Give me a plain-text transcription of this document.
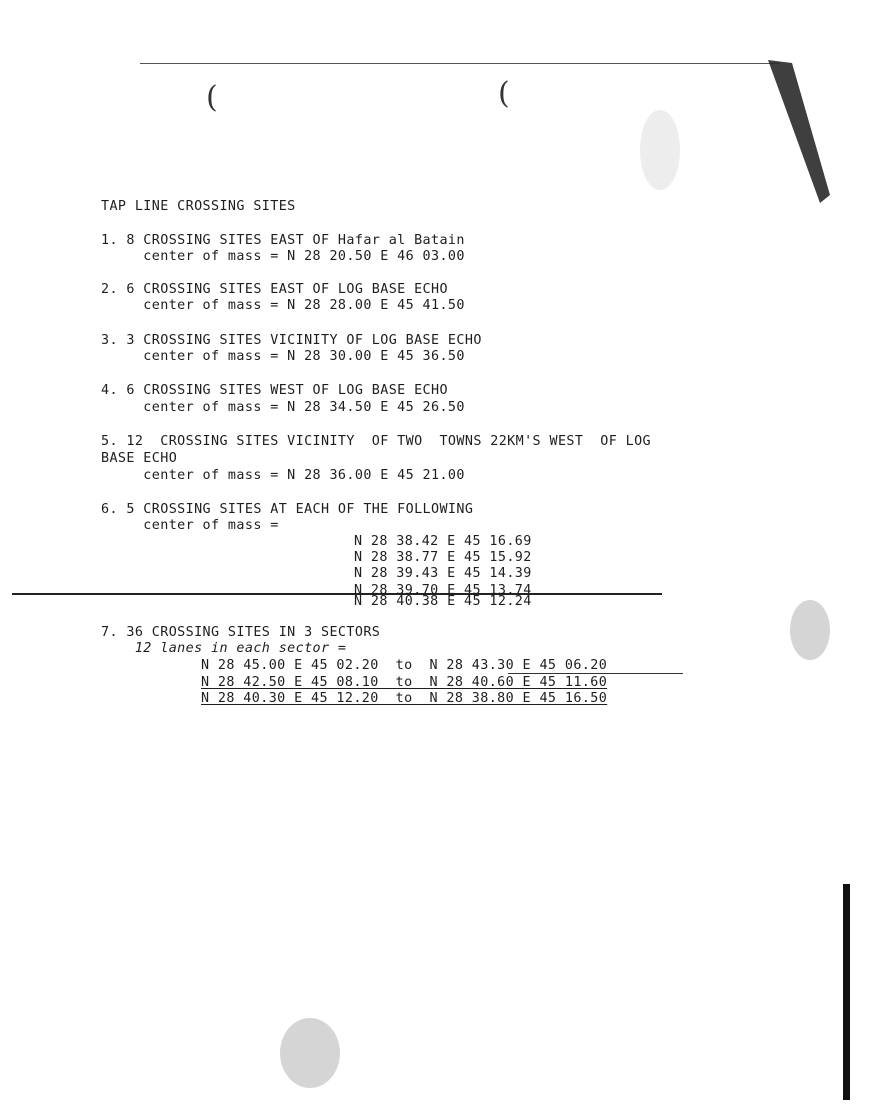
(	(
TAP LINE CROSSING SITES
1. 8 CROSSING SITES EAST OF Hafar al Batain
center of mass = N 28 20.50 E 46 03.00
2. 6 CROSSING SITES EAST OF LOG BASE ECHO
center of mass = N 28 28.00 E 45 41.50
3. 3 CROSSING SITES VICINITY OF LOG BASE ECHO
center of mass = N 28 30.00 E 45 36.50
4. 6 CROSSING SITES WEST OF LOG BASE ECHO
center of mass = N 28 34.50 E 45 26.50
5. 12  CROSSING SITES VICINITY  OF TWO  TOWNS 22KM'S WEST  OF LOG
BASE ECHO
center of mass = N 28 36.00 E 45 21.00
6. 5 CROSSING SITES AT EACH OF THE FOLLOWING
center of mass =
N 28 38.42 E 45 16.69
N 28 38.77 E 45 15.92
N 28 39.43 E 45 14.39
N 28 39.70 E 45 13.74
N 28 40.38 E 45 12.24
7. 36 CROSSING SITES IN 3 SECTORS
12 lanes in each sector =
N 28 45.00 E 45 02.20  to  N 28 43.30 E 45 06.20
N 28 42.50 E 45 08.10  to  N 28 40.60 E 45 11.60
N 28 40.30 E 45 12.20  to  N 28 38.80 E 45 16.50
